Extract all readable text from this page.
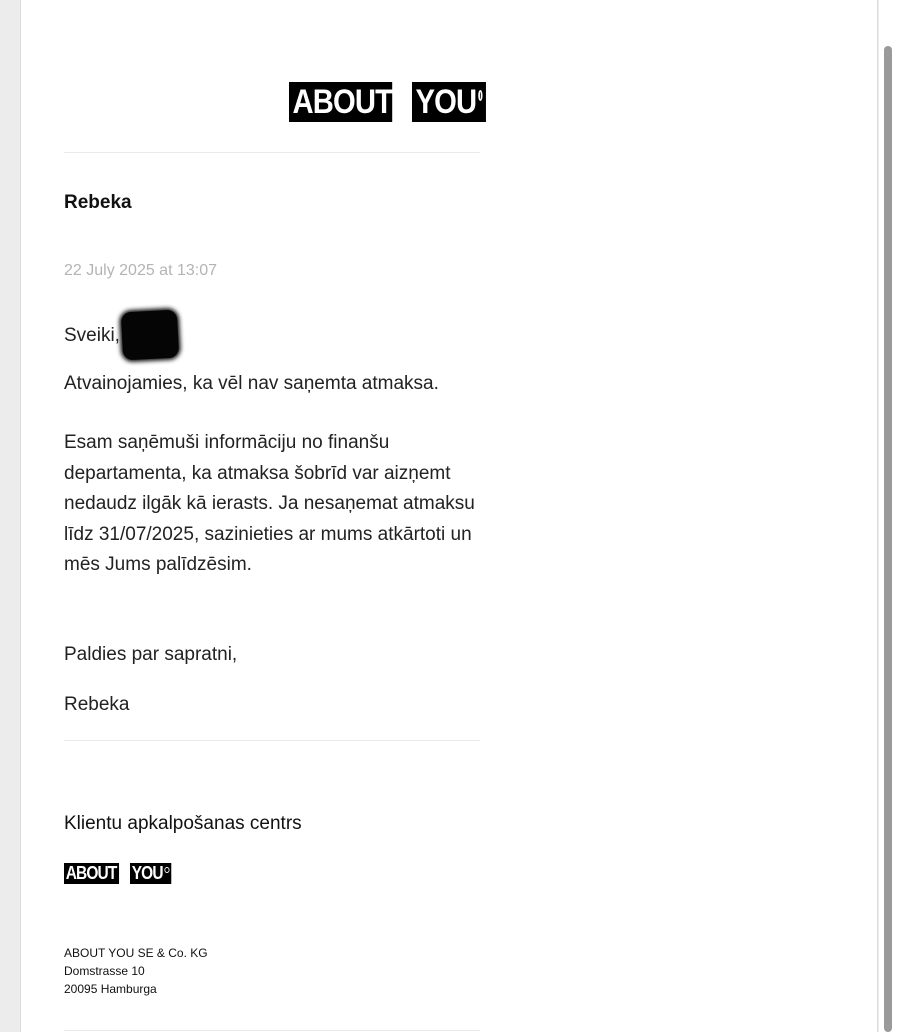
ABOUT YOU
Rebeka
22 July 2025 at 13:07
Sveiki,

Atvainojamies, ka vēl nav saņemta atmaksa.

Esam saņēmuši informāciju no finanšu departamenta, ka atmaksa šobrīd var aizņemt nedaudz ilgāk kā ierasts. Ja nesaņemat atmaksu līdz 31/07/2025, sazinieties ar mums atkārtoti un mēs Jums palīdzēsim.

Paldies par sapratni,

Rebeka

Klientu apkalpošanas centrs
ABOUT YOU
ABOUT YOU SE & Co. KG
Domstrasse 10
20095 Hamburga
